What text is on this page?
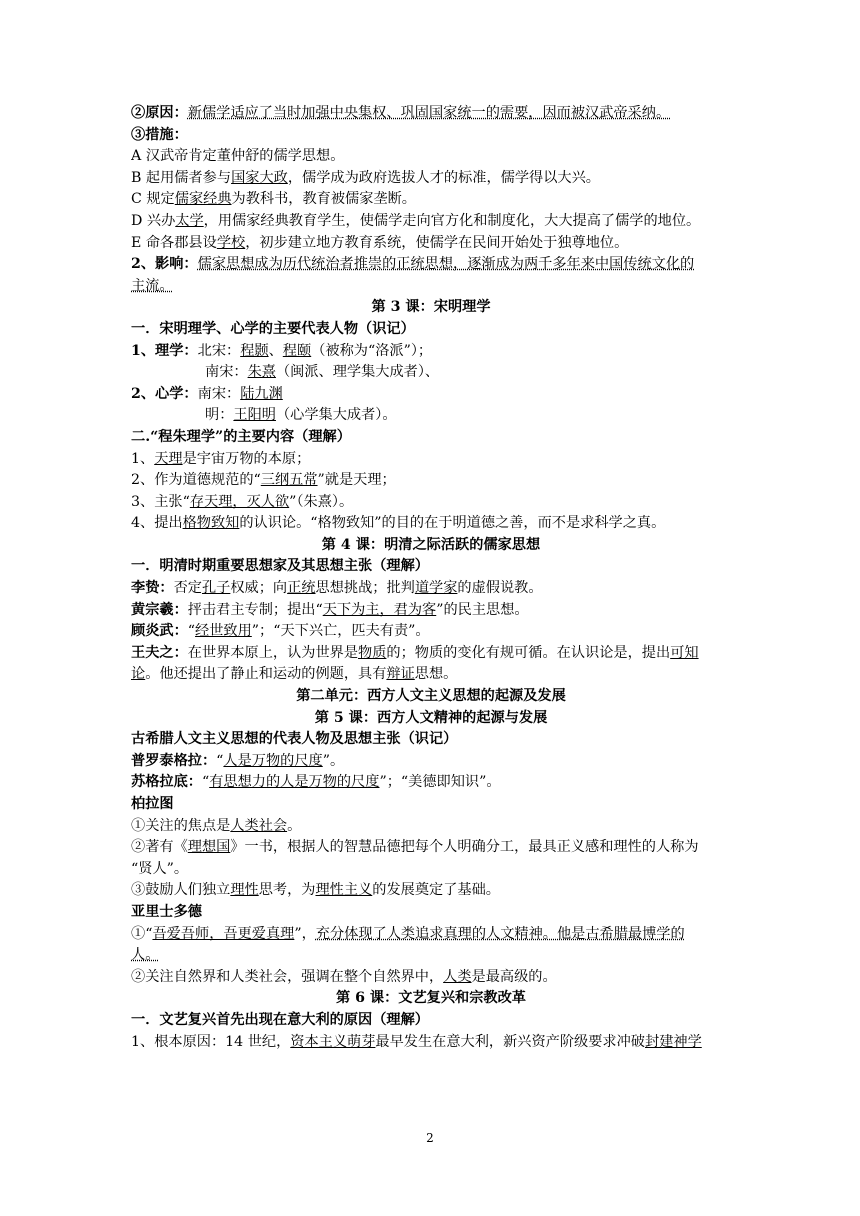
②原因：新儒学适应了当时加强中央集权、巩固国家统一的需要，因而被汉武帝采纳。
③措施：
A 汉武帝肯定董仲舒的儒学思想。
B 起用儒者参与国家大政，儒学成为政府选拔人才的标准，儒学得以大兴。
C 规定儒家经典为教科书，教育被儒家垄断。
D 兴办太学，用儒家经典教育学生，使儒学走向官方化和制度化，大大提高了儒学的地位。
E 命各郡县设学校，初步建立地方教育系统，使儒学在民间开始处于独尊地位。
2、影响：儒家思想成为历代统治者推崇的正统思想，逐渐成为两千多年来中国传统文化的
主流。
第 3 课：宋明理学
一．宋明理学、心学的主要代表人物（识记）
1、理学：北宋：程颢、程颐（被称为“洛派”）；
南宋：朱熹（闽派、理学集大成者）、
2、心学：南宋：陆九渊
明：王阳明（心学集大成者）。
二.“程朱理学”的主要内容（理解）
1、天理是宇宙万物的本原；
2、作为道德规范的“三纲五常”就是天理；
3、主张“存天理，灭人欲”（朱熹）。
4、提出格物致知的认识论。“格物致知”的目的在于明道德之善，而不是求科学之真。
第 4 课：明清之际活跃的儒家思想
一．明清时期重要思想家及其思想主张（理解）
李贽：否定孔子权威；向正统思想挑战；批判道学家的虚假说教。
黄宗羲：抨击君主专制；提出“天下为主，君为客”的民主思想。
顾炎武：“经世致用”；“天下兴亡，匹夫有责”。
王夫之：在世界本原上，认为世界是物质的；物质的变化有规可循。在认识论是，提出可知
论。他还提出了静止和运动的例题，具有辩证思想。
第二单元：西方人文主义思想的起源及发展
第 5 课：西方人文精神的起源与发展
古希腊人文主义思想的代表人物及思想主张（识记）
普罗泰格拉：“人是万物的尺度”。
苏格拉底：“有思想力的人是万物的尺度”；“美德即知识”。
柏拉图
①关注的焦点是人类社会。
②著有《理想国》一书，根据人的智慧品德把每个人明确分工，最具正义感和理性的人称为
“贤人”。
③鼓励人们独立理性思考，为理性主义的发展奠定了基础。
亚里士多德
①“吾爱吾师，吾更爱真理”，充分体现了人类追求真理的人文精神。他是古希腊最博学的
人。
②关注自然界和人类社会，强调在整个自然界中，人类是最高级的。
第 6 课：文艺复兴和宗教改革
一．文艺复兴首先出现在意大利的原因（理解）
1、根本原因：14 世纪，资本主义萌芽最早发生在意大利，新兴资产阶级要求冲破封建神学
2
